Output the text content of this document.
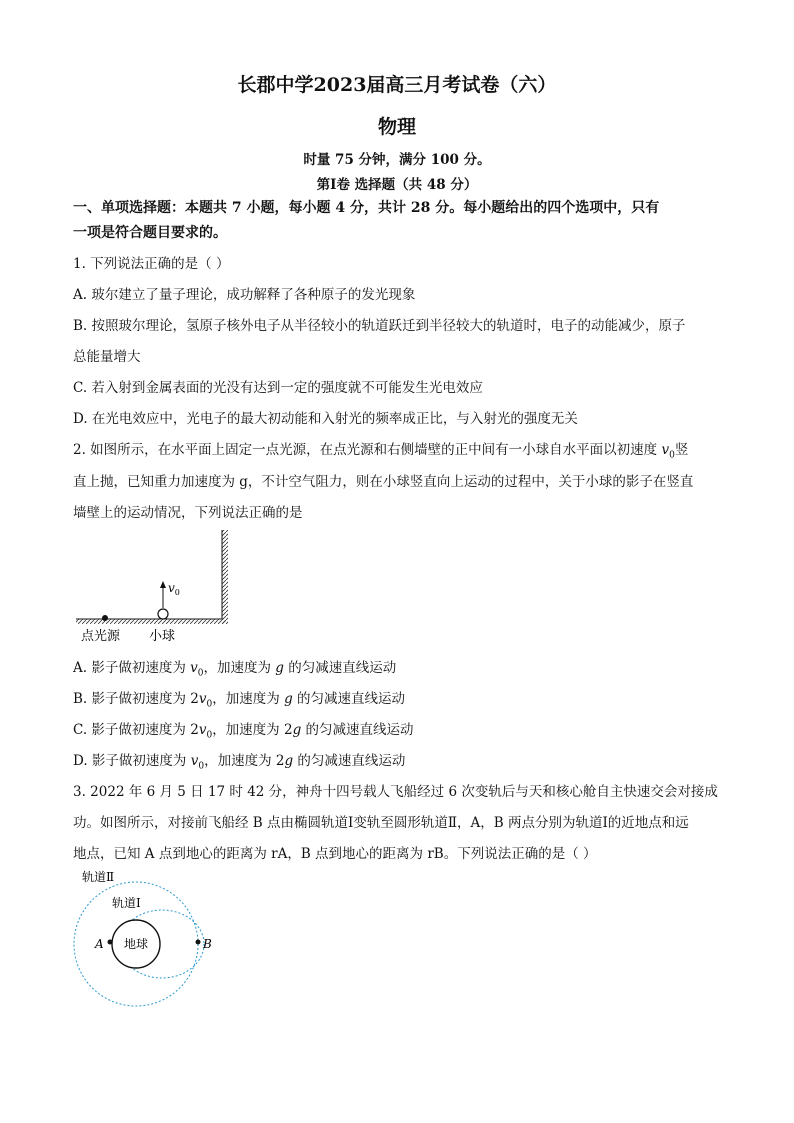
长郡中学2023届高三月考试卷（六）
物理
时量 75 分钟，满分 100 分。
第Ⅰ卷 选择题（共 48 分）
一、单项选择题：本题共 7 小题，每小题 4 分，共计 28 分。每小题给出的四个选项中，只有
一项是符合题目要求的。
1. 下列说法正确的是（ ）
A. 玻尔建立了量子理论，成功解释了各种原子的发光现象
B. 按照玻尔理论，氢原子核外电子从半径较小的轨道跃迁到半径较大的轨道时，电子的动能减少，原子
总能量增大
C. 若入射到金属表面的光没有达到一定的强度就不可能发生光电效应
D. 在光电效应中，光电子的最大初动能和入射光的频率成正比，与入射光的强度无关
2. 如图所示，在水平面上固定一点光源，在点光源和右侧墙壁的正中间有一小球自水平面以初速度 $v_0$竖
直上抛，已知重力加速度为 g，不计空气阻力，则在小球竖直向上运动的过程中，关于小球的影子在竖直
墙壁上的运动情况，下列说法正确的是
$v_0$
点光源 小球
A. 影子做初速度为 $v_0$，加速度为 g 的匀减速直线运动
B. 影子做初速度为 $2v_0$，加速度为 g 的匀减速直线运动
C. 影子做初速度为 $2v_0$，加速度为 2g 的匀减速直线运动
D. 影子做初速度为 $v_0$，加速度为 2g 的匀减速直线运动
3. 2022 年 6 月 5 日 17 时 42 分，神舟十四号载人飞船经过 6 次变轨后与天和核心舱自主快速交会对接成
功。如图所示，对接前飞船经 B 点由椭圆轨道Ⅰ变轨至圆形轨道Ⅱ，A，B 两点分别为轨道Ⅰ的近地点和远
地点，已知 A 点到地心的距离为 rA，B 点到地心的距离为 rB。下列说法正确的是（ ）
轨道Ⅱ
轨道Ⅰ
地球
A	B
